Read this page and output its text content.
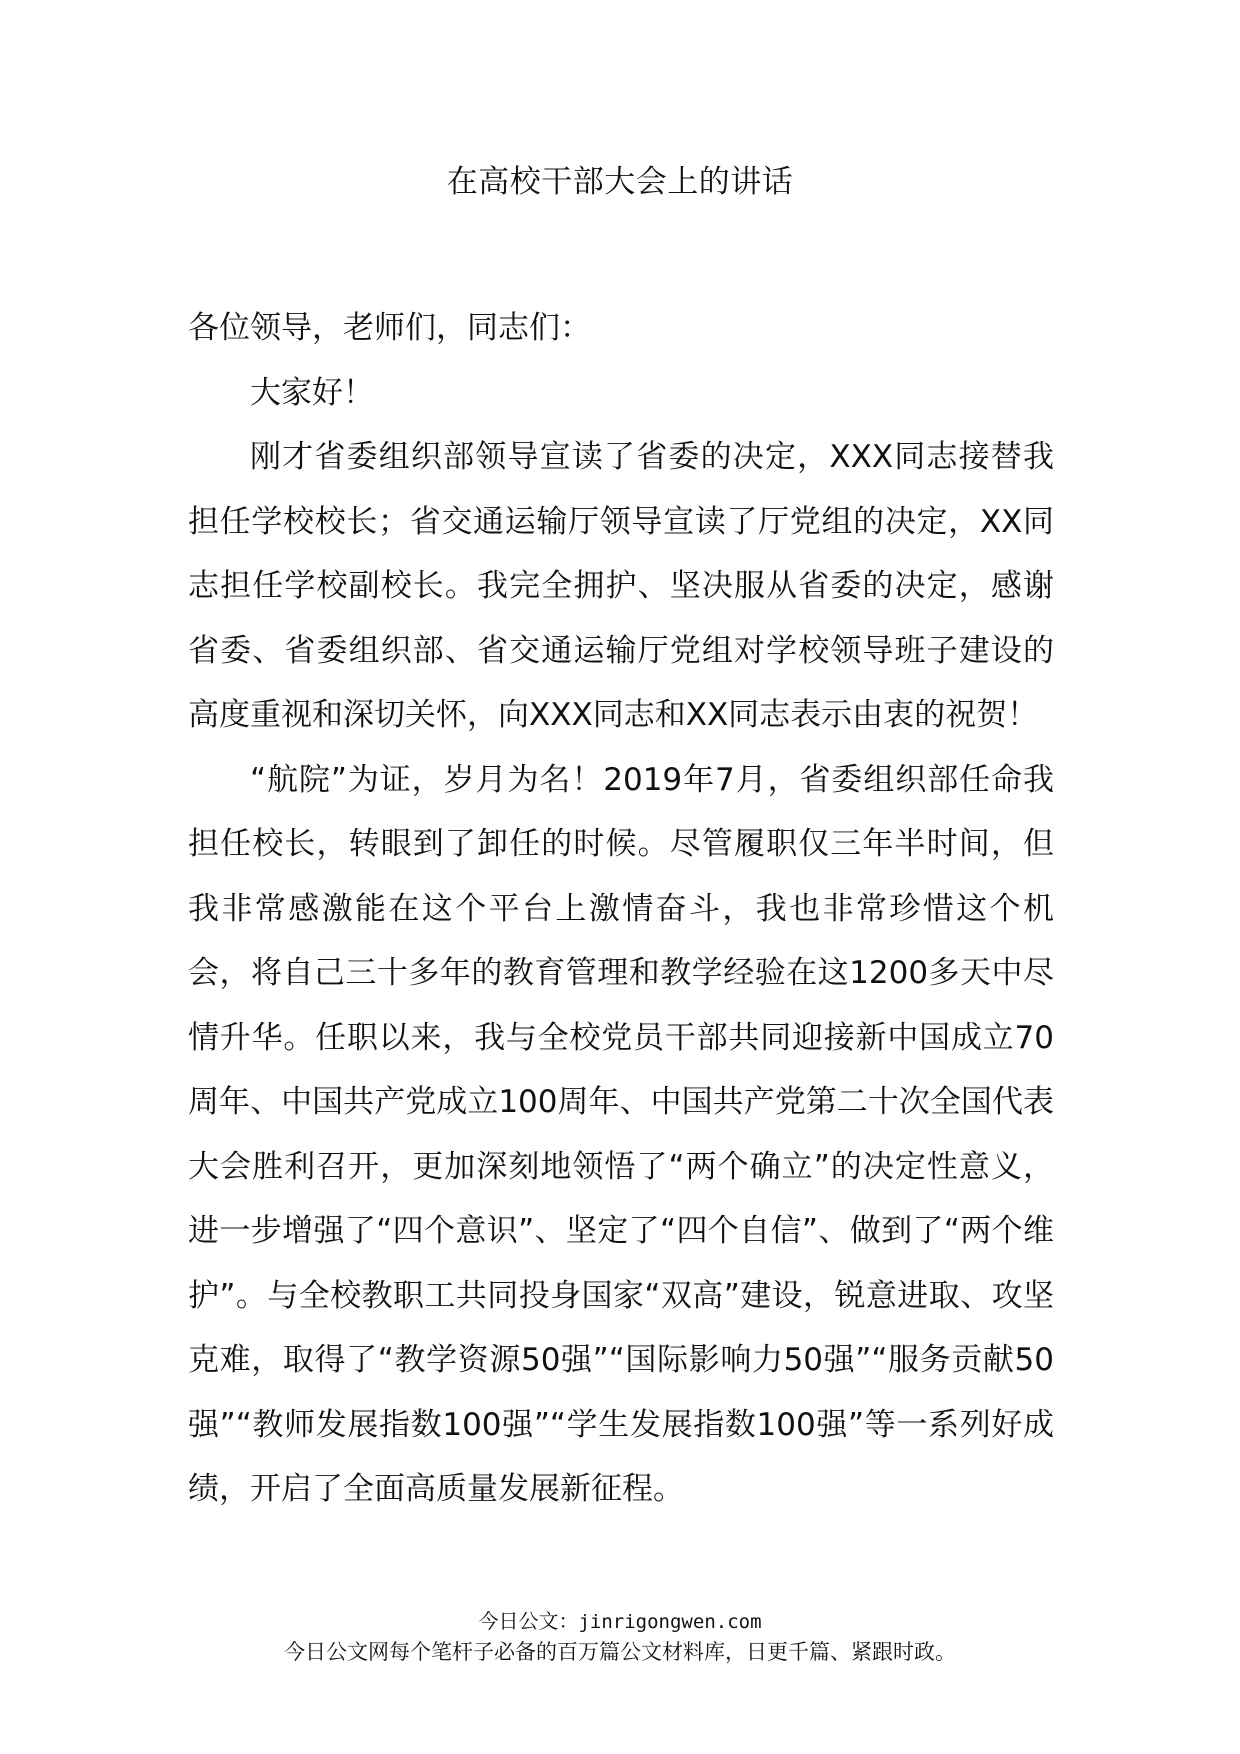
在高校干部大会上的讲话

各位领导，老师们，同志们：

大家好！

刚才省委组织部领导宣读了省委的决定，XXX同志接替我担任学校校长；省交通运输厅领导宣读了厅党组的决定，XX同志担任学校副校长。我完全拥护、坚决服从省委的决定，感谢省委、省委组织部、省交通运输厅党组对学校领导班子建设的高度重视和深切关怀，向XXX同志和XX同志表示由衷的祝贺！

“航院”为证，岁月为名！2019年7月，省委组织部任命我担任校长，转眼到了卸任的时候。尽管履职仅三年半时间，但我非常感激能在这个平台上激情奋斗，我也非常珍惜这个机会，将自己三十多年的教育管理和教学经验在这1200多天中尽情升华。任职以来，我与全校党员干部共同迎接新中国成立70周年、中国共产党成立100周年、中国共产党第二十次全国代表大会胜利召开，更加深刻地领悟了“两个确立”的决定性意义，进一步增强了“四个意识”、坚定了“四个自信”、做到了“两个维护”。与全校教职工共同投身国家“双高”建设，锐意进取、攻坚克难，取得了“教学资源50强”“国际影响力50强”“服务贡献50强”“教师发展指数100强”“学生发展指数100强”等一系列好成绩，开启了全面高质量发展新征程。

今日公文：jinrigongwen.com
今日公文网每个笔杆子必备的百万篇公文材料库，日更千篇、紧跟时政。
